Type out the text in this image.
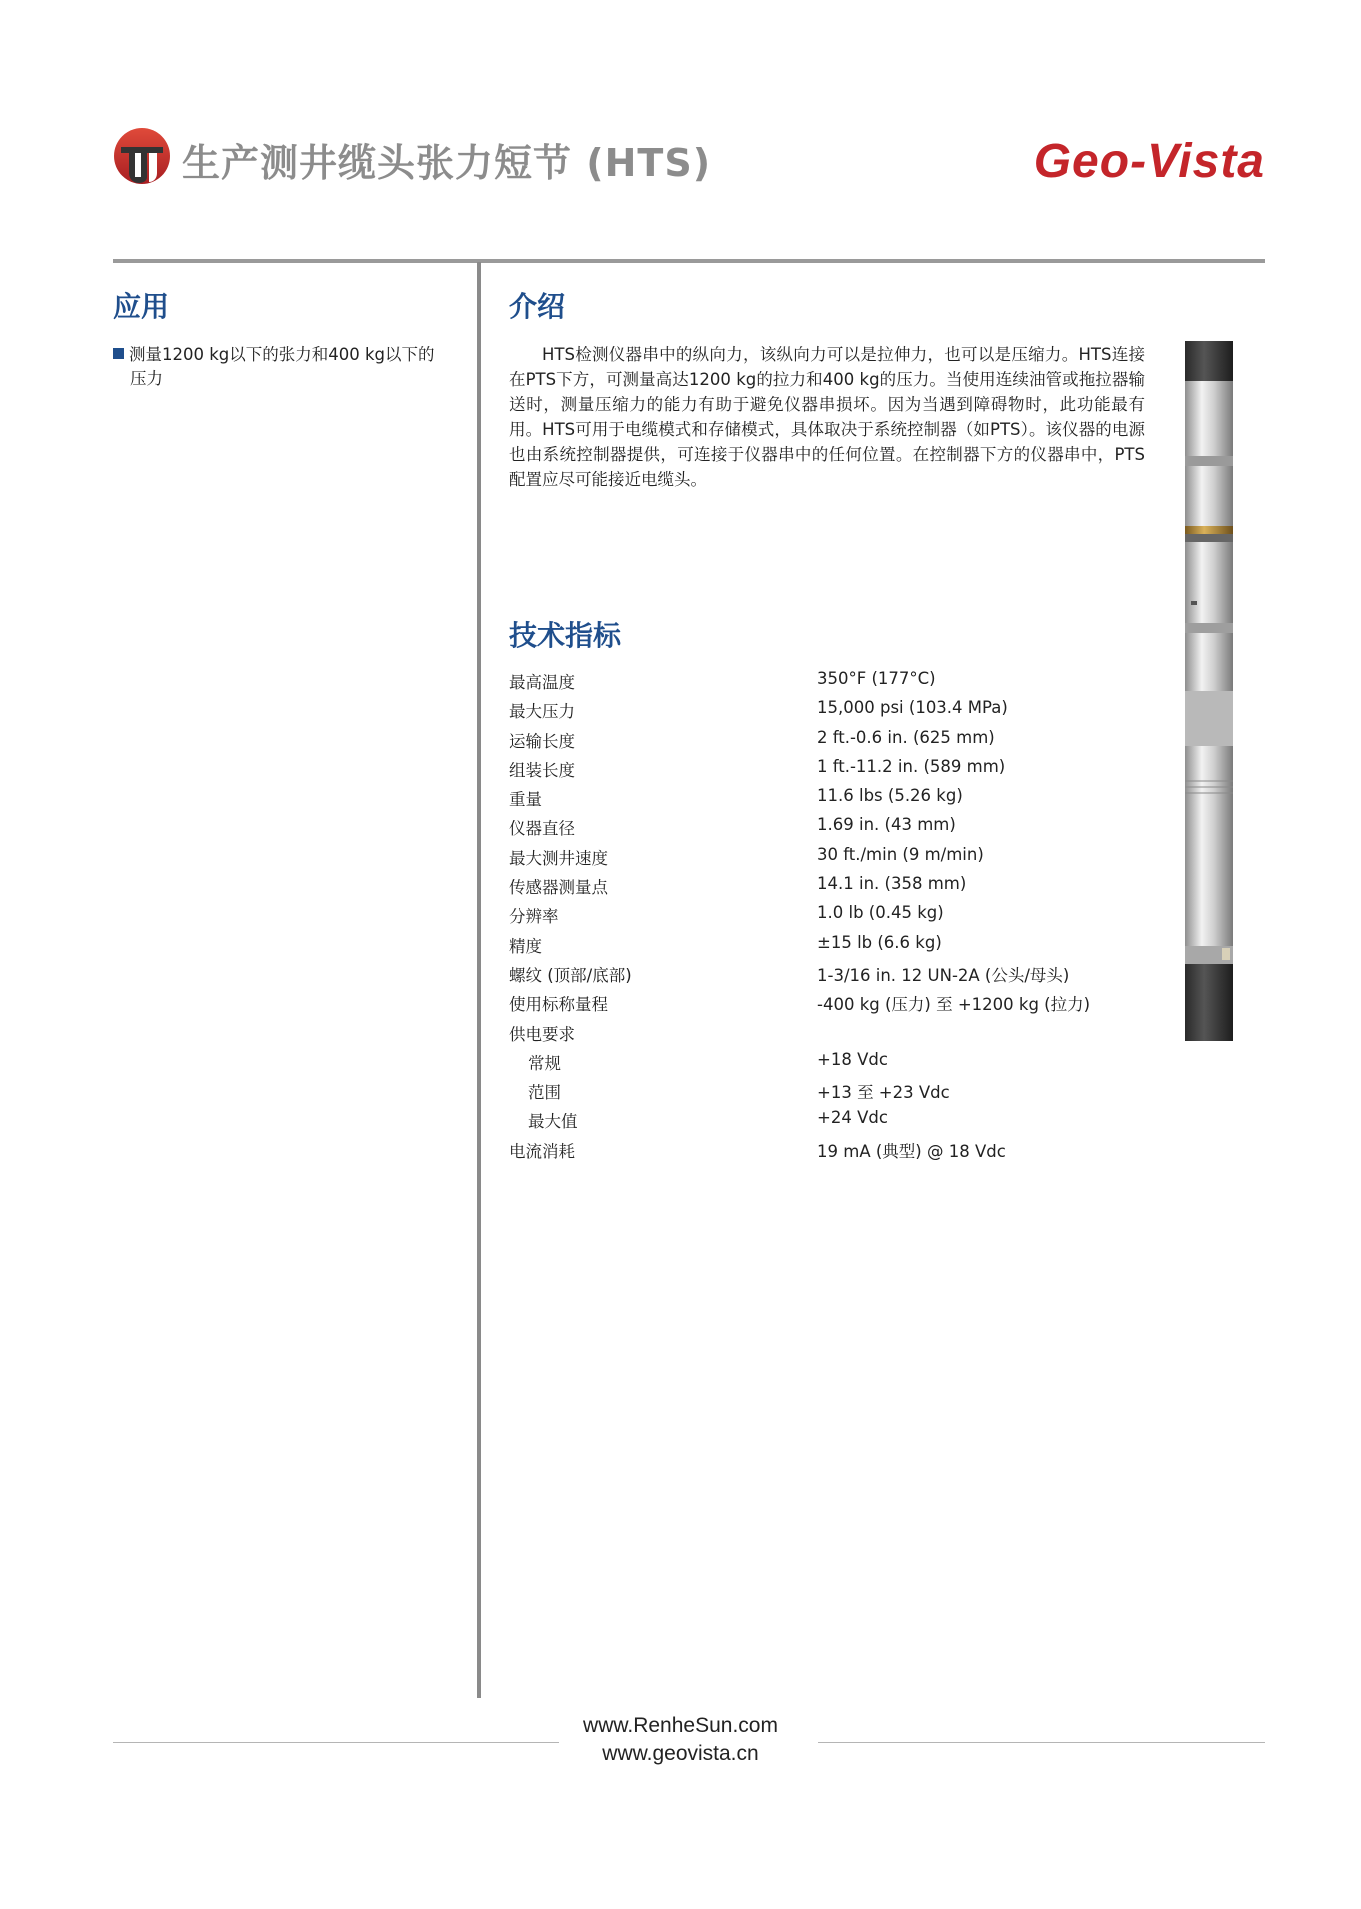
生产测井缆头张力短节 (HTS)	Geo-Vista
应用
测量1200 kg以下的张力和400 kg以下的
压力
介绍
HTS检测仪器串中的纵向力，该纵向力可以是拉伸力，也可以是压缩力。HTS连接在PTS下方，可测量高达1200 kg的拉力和400 kg的压力。当使用连续油管或拖拉器输送时，测量压缩力的能力有助于避免仪器串损坏。因为当遇到障碍物时，此功能最有用。HTS可用于电缆模式和存储模式，具体取决于系统控制器（如PTS）。该仪器的电源也由系统控制器提供，可连接于仪器串中的任何位置。在控制器下方的仪器串中，PTS配置应尽可能接近电缆头。
技术指标
最高温度	350°F (177°C)
最大压力	15,000 psi (103.4 MPa)
运输长度	2 ft.-0.6 in. (625 mm)
组装长度	1 ft.-11.2 in. (589 mm)
重量	11.6 lbs (5.26 kg)
仪器直径	1.69 in. (43 mm)
最大测井速度	30 ft./min (9 m/min)
传感器测量点	14.1 in. (358 mm)
分辨率	1.0 lb (0.45 kg)
精度	±15 lb (6.6 kg)
螺纹 (顶部/底部)	1-3/16 in. 12 UN-2A (公头/母头)
使用标称量程	-400 kg (压力) 至 +1200 kg (拉力)
供电要求
常规	+18 Vdc
范围	+13 至 +23 Vdc
最大值	+24 Vdc
电流消耗	19 mA (典型) @ 18 Vdc
www.RenheSun.com
www.geovista.cn
